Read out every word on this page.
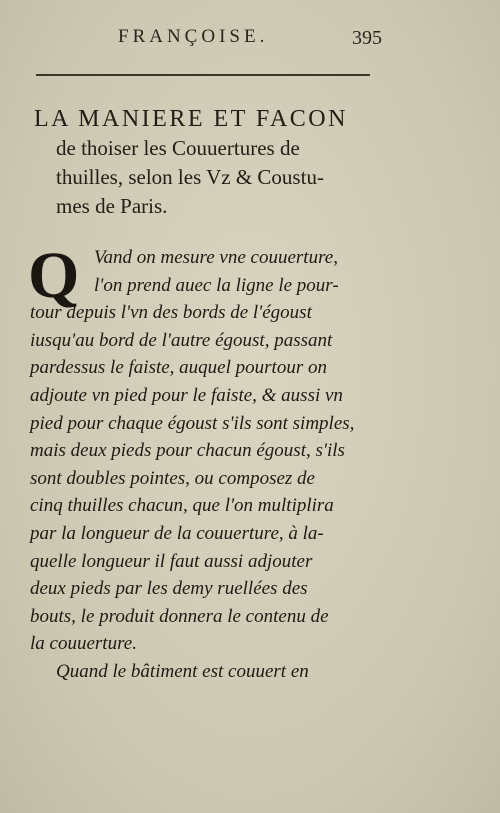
FRANÇOISE.	395
LA MANIERE ET FACON
de thoiser les Couuertures de
thuilles, selon les Vz & Coustu-
mes de Paris.
Q Vand on mesure vne couuerture,
l'on prend auec la ligne le pour-
tour depuis l'vn des bords de l'égoust
iusqu'au bord de l'autre égoust, passant
pardessus le faiste, auquel pourtour on
adjoute vn pied pour le faiste, & aussi vn
pied pour chaque égoust s'ils sont simples,
mais deux pieds pour chacun égoust, s'ils
sont doubles pointes, ou composez de
cinq thuilles chacun, que l'on multiplira
par la longueur de la couuerture, à la-
quelle longueur il faut aussi adjouter
deux pieds par les demy ruellées des
bouts, le produit donnera le contenu de
la couuerture.
Quand le bâtiment est couuert en
